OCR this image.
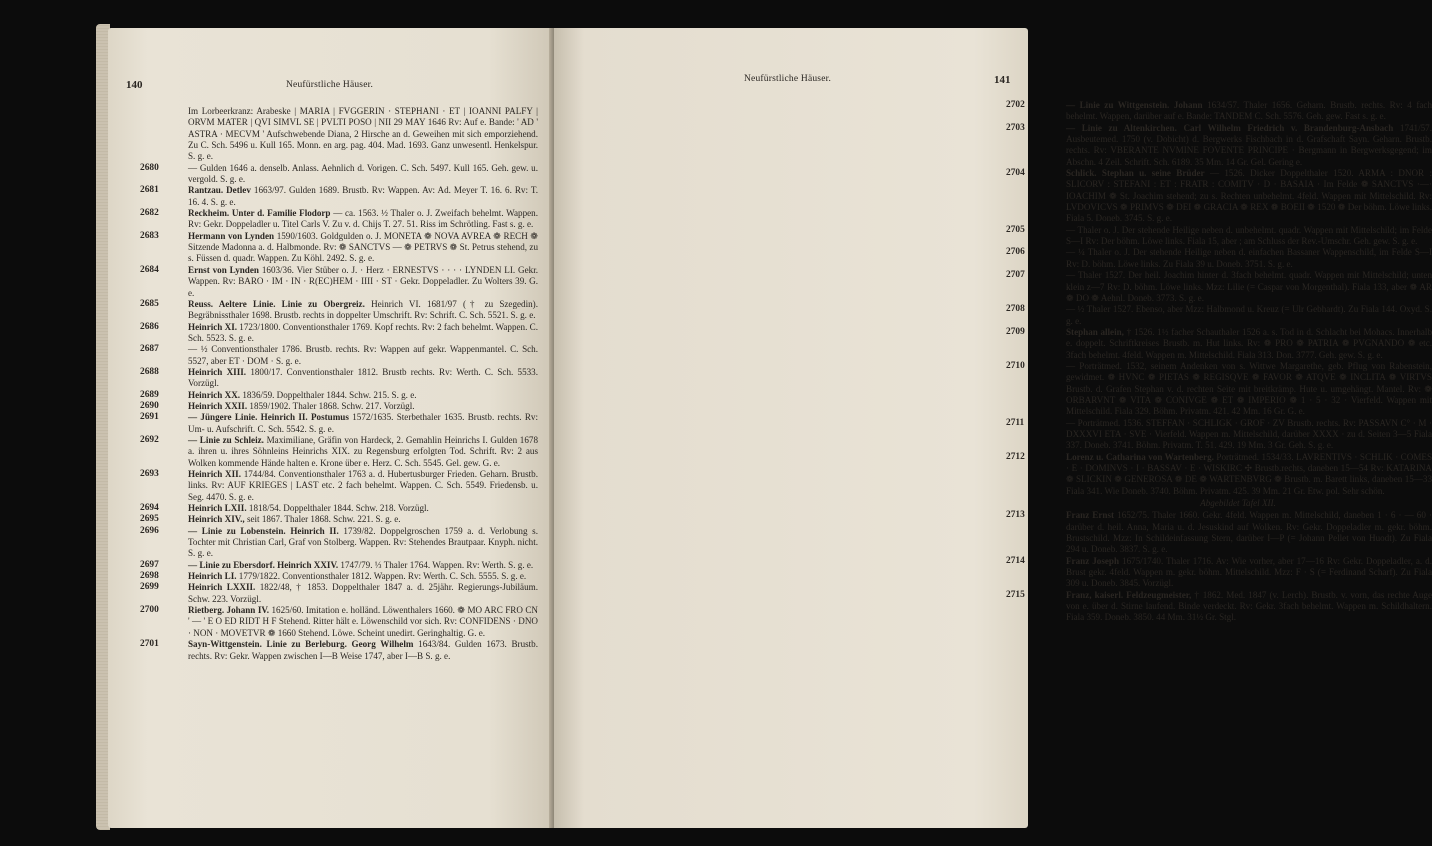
140	Neufürstliche Häuser.
Im Lorbeerkranz: Arabeske | MARIA | FVGGERIN · STEPHANI · ET | IOANNI PALFY | ORVM MATER | QVI SIMVL SE | PVLTI POSO | NII 29 MAY 1646 Rv: Auf e. Bande: ' AD ' ASTRA · MECVM ' Aufschwebende Diana, 2 Hirsche an d. Geweihen mit sich emporziehend. Zu C. Sch. 5496 u. Kull 165. Monn. en arg. pag. 404. Mad. 1693. Ganz unwesentl. Henkelspur. S. g. e.
2680	— Gulden 1646 a. denselb. Anlass. Aehnlich d. Vorigen. C. Sch. 5497. Kull 165. Geh. gew. u. vergold. S. g. e.
2681	Rantzau. Detlev 1663/97. Gulden 1689. Brustb. Rv: Wappen. Av: Ad. Meyer T. 16. 6. Rv: T. 16. 4. S. g. e.
2682	Reckheim. Unter d. Familie Flodorp — ca. 1563. ½ Thaler o. J. Zweifach behelmt. Wappen. Rv: Gekr. Doppeladler u. Titel Carls V. Zu v. d. Chijs T. 27. 51. Riss im Schrötling. Fast s. g. e.
2683	Hermann von Lynden 1590/1603. Goldgulden o. J. MONETA ❁ NOVA AVREA ❁ RECH ❁ Sitzende Madonna a. d. Halbmonde. Rv: ❁ SANCTVS — ❁ PETRVS ❁ St. Petrus stehend, zu s. Füssen d. quadr. Wappen. Zu Köhl. 2492. S. g. e.
2684	Ernst von Lynden 1603/36. Vier Stüber o. J. · Herz · ERNESTVS · · · · LYNDEN LI. Gekr. Wappen. Rv: BARO · IM · IN · R(EC)HEM · IIII · ST · Gekr. Doppeladler. Zu Wolters 39. G. e.
2685	Reuss. Aeltere Linie. Linie zu Obergreiz. Heinrich VI. 1681/97 († zu Szegedin). Begräbnissthaler 1698. Brustb. rechts in doppelter Umschrift. Rv: Schrift. C. Sch. 5521. S. g. e.
2686	Heinrich XI. 1723/1800. Conventionsthaler 1769. Kopf rechts. Rv: 2 fach behelmt. Wappen. C. Sch. 5523. S. g. e.
2687	— ½ Conventionsthaler 1786. Brustb. rechts. Rv: Wappen auf gekr. Wappenmantel. C. Sch. 5527, aber ET · DOM · S. g. e.
2688	Heinrich XIII. 1800/17. Conventionsthaler 1812. Brustb rechts. Rv: Werth. C. Sch. 5533. Vorzügl.
2689	Heinrich XX. 1836/59. Doppelthaler 1844. Schw. 215. S. g. e.
2690	Heinrich XXII. 1859/1902. Thaler 1868. Schw. 217. Vorzügl.
2691	— Jüngere Linie. Heinrich II. Postumus 1572/1635. Sterbethaler 1635. Brustb. rechts. Rv: Um- u. Aufschrift. C. Sch. 5542. S. g. e.
2692	— Linie zu Schleiz. Maximiliane, Gräfin von Hardeck, 2. Gemahlin Heinrichs I. Gulden 1678 a. ihren u. ihres Söhnleins Heinrichs XIX. zu Regensburg erfolgten Tod. Schrift. Rv: 2 aus Wolken kommende Hände halten e. Krone über e. Herz. C. Sch. 5545. Gel. gew. G. e.
2693	Heinrich XII. 1744/84. Conventionsthaler 1763 a. d. Hubertusburger Frieden. Geharn. Brustb. links. Rv: AUF KRIEGES | LAST etc. 2 fach behelmt. Wappen. C. Sch. 5549. Friedensb. u. Seg. 4470. S. g. e.
2694	Heinrich LXII. 1818/54. Doppelthaler 1844. Schw. 218. Vorzügl.
2695	Heinrich XIV., seit 1867. Thaler 1868. Schw. 221. S. g. e.
2696	— Linie zu Lobenstein. Heinrich II. 1739/82. Doppelgroschen 1759 a. d. Verlobung s. Tochter mit Christian Carl, Graf von Stolberg. Wappen. Rv: Stehendes Brautpaar. Knyph. nicht. S. g. e.
2697	— Linie zu Ebersdorf. Heinrich XXIV. 1747/79. ⅓ Thaler 1764. Wappen. Rv: Werth. S. g. e.
2698	Heinrich LI. 1779/1822. Conventionsthaler 1812. Wappen. Rv: Werth. C. Sch. 5555. S. g. e.
2699	Heinrich LXXII. 1822/48, † 1853. Doppelthaler 1847 a. d. 25jähr. Regierungs-Jubiläum. Schw. 223. Vorzügl.
2700	Rietberg. Johann IV. 1625/60. Imitation e. holländ. Löwenthalers 1660. ❁ MO ARC FRO CN ' — ' E O ED RIDT H F Stehend. Ritter hält e. Löwenschild vor sich. Rv: CONFIDENS · DNO · NON · MOVETVR ❁ 1660 Stehend. Löwe. Scheint unedirt. Geringhaltig. G. e.
2701	Sayn-Wittgenstein. Linie zu Berleburg. Georg Wilhelm 1643/84. Gulden 1673. Brustb. rechts. Rv: Gekr. Wappen zwischen I—B Weise 1747, aber I—B S. g. e.
Neufürstliche Häuser.	141
2702	— Linie zu Wittgenstein. Johann 1634/57. Thaler 1656. Geharn. Brustb. rechts. Rv: 4 fach behelmt. Wappen, darüber auf e. Bande: TANDEM C. Sch. 5576. Geh. gew. Fast s. g. e.
2703	— Linie zu Altenkirchen. Carl Wilhelm Friedrich v. Brandenburg-Ansbach 1741/57. Ausbeutemed. 1750 (v. Dobicht) d. Bergwerks Fischbach in d. Grafschaft Sayn. Geharn. Brustb. rechts. Rv: VBERANTE NVMINE FOVENTE PRINCIPE · Bergmann in Bergwerksgegend; im Abschn. 4 Zeil. Schrift. Sch. 6189. 35 Mm. 14 Gr. Gel. Gering e.
2704	Schlick. Stephan u. seine Brüder — 1526. Dicker Doppelthaler 1520. ARMA : DNOR : SLICORV : STEFANI : ET : FRATR : COMITV · D · BASAIA · Im Felde ❁ SANCTVS ·—· IOACHIM ❁ St. Joachim stehend; zu s. Rechten unbehelmt. 4feld. Wappen mit Mittelschild. Rv: LVDOVICVS ❁ PRIMVS ❁ DEI ❁ GRACIA ❁ REX ❁ BOEII ❁ 1520 ❁ Der böhm. Löwe links. Fiala 5. Doneb. 3745. S. g. e.
2705	— Thaler o. J. Der stehende Heilige neben d. unbehelmt. quadr. Wappen mit Mittelschild; im Felde S—I Rv: Der böhm. Löwe links. Fiala 15, aber ; am Schluss der Rev.-Umschr. Geh. gew. S. g. e.
2706	— ¼ Thaler o. J. Der stehende Heilige neben d. einfachen Bassaner Wappenschild, im Felde S—I Rv: D. böhm. Löwe links. Zu Fiala 39 u. Doneb. 3751. S. g. e.
2707	— Thaler 1527. Der heil. Joachim hinter d. 3fach behelmt. quadr. Wappen mit Mittelschild; unten klein z—7 Rv: D. böhm. Löwe links. Mzz: Lilie (= Caspar von Morgenthal). Fiala 133, aber ❁ AR ❁ DO ❁ Aehnl. Doneb. 3773. S. g. e.
2708	— ½ Thaler 1527. Ebenso, aber Mzz: Halbmond u. Kreuz (= Ulr Gebhardt). Zu Fiala 144. Oxyd. S. g. e.
2709	Stephan allein, † 1526. 1½ facher Schauthaler 1526 a. s. Tod in d. Schlacht bei Mohacs. Innerhalb e. doppelt. Schriftkreises Brustb. m. Hut links. Rv: ❁ PRO ❁ PATRIA ❁ PVGNANDO ❁ etc. 3fach behelmt. 4feld. Wappen m. Mittelschild. Fiala 313. Don. 3777. Geh. gew. S. g. e.
2710	— Porträtmed. 1532, seinem Andenken von s. Wittwe Margarethe, geb. Pflug von Rabenstein, gewidmet. ❁ HVNC ❁ PIETAS ❁ REGISQVE ❁ FAVOR ❁ ATQVE ❁ INCLITA ❁ VIRTVS Brustb. d. Grafen Stephan v. d. rechten Seite mit breitkrämp. Hute u. umgehängt. Mantel. Rv: ❁ ORBARVNT ❁ VITA ❁ CONIVGE ❁ ET ❁ IMPERIO ❁ 1 · 5 · 32 · Vierfeld. Wappen mit Mittelschild. Fiala 329. Böhm. Privatm. 421. 42 Mm. 16 Gr. G. e.
2711	— Porträtmed. 1536. STEFFAN · SCHLIGK · GROF · ZV Brustb. rechts. Rv: PASSAVN C° · M · DXXXVI ETA · SVE · Vierfeld. Wappen m. Mittelschild, darüber XXXX · zu d. Seiten 3—5 Fiala 337. Doneb. 3741. Böhm. Privatm. T. 51. 429. 19 Mm. 3 Gr. Geh. S. g. e.
2712	Lorenz u. Catharina von Wartenberg. Porträtmed. 1534/33. LAVRENTIVS · SCHLIK · COMES · E · DOMINVS · I · BASSAV · E · WISKIRC ✣ Brustb.rechts, daneben 15—54 Rv: KATARINA ❁ SLICKIN ❁ GENEROSA ❁ DE ❁ WARTENBVRG ❁ Brustb. m. Barett links, daneben 15—33 Fiala 341. Wie Doneb. 3740. Böhm. Privatm. 425. 39 Mm. 21 Gr. Etw. pol. Sehr schön.
Abgebildet Tafel XII.
2713	Franz Ernst 1652/75. Thaler 1660. Gekr. 4feld. Wappen m. Mittelschild, daneben 1 · 6 · — 60 · darüber d. heil. Anna, Maria u. d. Jesuskind auf Wolken. Rv: Gekr. Doppeladler m. gekr. böhm. Brustschild. Mzz: In Schildeinfassung Stern, darüber I—P (= Johann Pellet von Huodt). Zu Fiala 294 u. Doneb. 3837. S. g. e.
2714	Franz Joseph 1675/1740. Thaler 1716. Av: Wie vorher, aber 17—16 Rv: Gekr. Doppeladler, a. d. Brust gekr. 4feld. Wappen m. gekr. böhm. Mittelschild. Mzz: F · S (= Ferdinand Scharf). Zu Fiala 309 u. Doneb. 3845. Vorzügl.
2715	Franz, kaiserl. Feldzeugmeister, † 1862. Med. 1847 (v. Lerch). Brustb. v. vorn, das rechte Auge von e. über d. Stirne laufend. Binde verdeckt. Rv: Gekr. 3fach behelmt. Wappen m. Schildhaltern. Fiala 359. Doneb. 3850. 44 Mm. 31½ Gr. Stgl.
